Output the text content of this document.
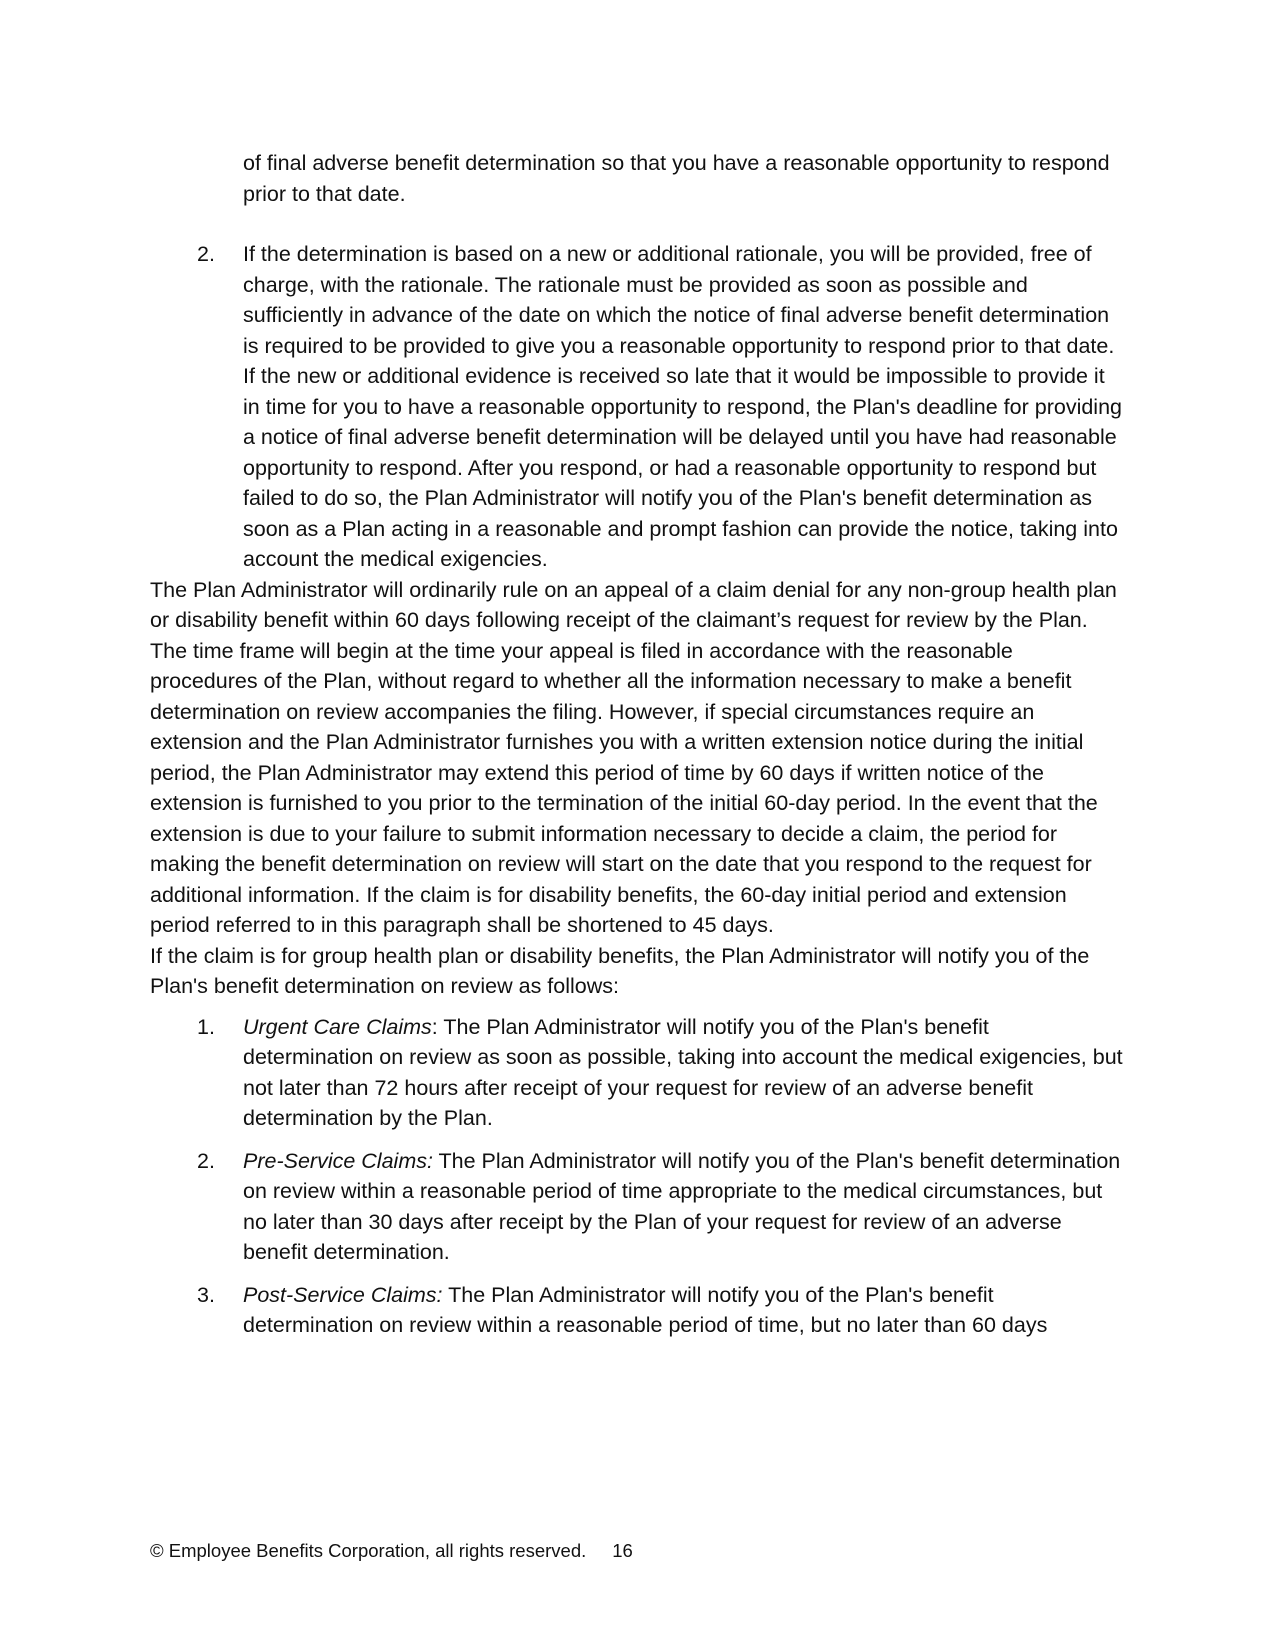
of final adverse benefit determination so that you have a reasonable opportunity to respond prior to that date.

2.	If the determination is based on a new or additional rationale, you will be provided, free of charge, with the rationale. The rationale must be provided as soon as possible and sufficiently in advance of the date on which the notice of final adverse benefit determination is required to be provided to give you a reasonable opportunity to respond prior to that date. If the new or additional evidence is received so late that it would be impossible to provide it in time for you to have a reasonable opportunity to respond, the Plan's deadline for providing a notice of final adverse benefit determination will be delayed until you have had reasonable opportunity to respond. After you respond, or had a reasonable opportunity to respond but failed to do so, the Plan Administrator will notify you of the Plan's benefit determination as soon as a Plan acting in a reasonable and prompt fashion can provide the notice, taking into account the medical exigencies.

The Plan Administrator will ordinarily rule on an appeal of a claim denial for any non-group health plan or disability benefit within 60 days following receipt of the claimant’s request for review by the Plan. The time frame will begin at the time your appeal is filed in accordance with the reasonable procedures of the Plan, without regard to whether all the information necessary to make a benefit determination on review accompanies the filing. However, if special circumstances require an extension and the Plan Administrator furnishes you with a written extension notice during the initial period, the Plan Administrator may extend this period of time by 60 days if written notice of the extension is furnished to you prior to the termination of the initial 60-day period. In the event that the extension is due to your failure to submit information necessary to decide a claim, the period for making the benefit determination on review will start on the date that you respond to the request for additional information. If the claim is for disability benefits, the 60-day initial period and extension period referred to in this paragraph shall be shortened to 45 days.

If the claim is for group health plan or disability benefits, the Plan Administrator will notify you of the Plan's benefit determination on review as follows:

1.	Urgent Care Claims: The Plan Administrator will notify you of the Plan's benefit determination on review as soon as possible, taking into account the medical exigencies, but not later than 72 hours after receipt of your request for review of an adverse benefit determination by the Plan.
2.	Pre-Service Claims: The Plan Administrator will notify you of the Plan's benefit determination on review within a reasonable period of time appropriate to the medical circumstances, but no later than 30 days after receipt by the Plan of your request for review of an adverse benefit determination.
3.	Post-Service Claims: The Plan Administrator will notify you of the Plan's benefit determination on review within a reasonable period of time, but no later than 60 days
© Employee Benefits Corporation, all rights reserved. 16
